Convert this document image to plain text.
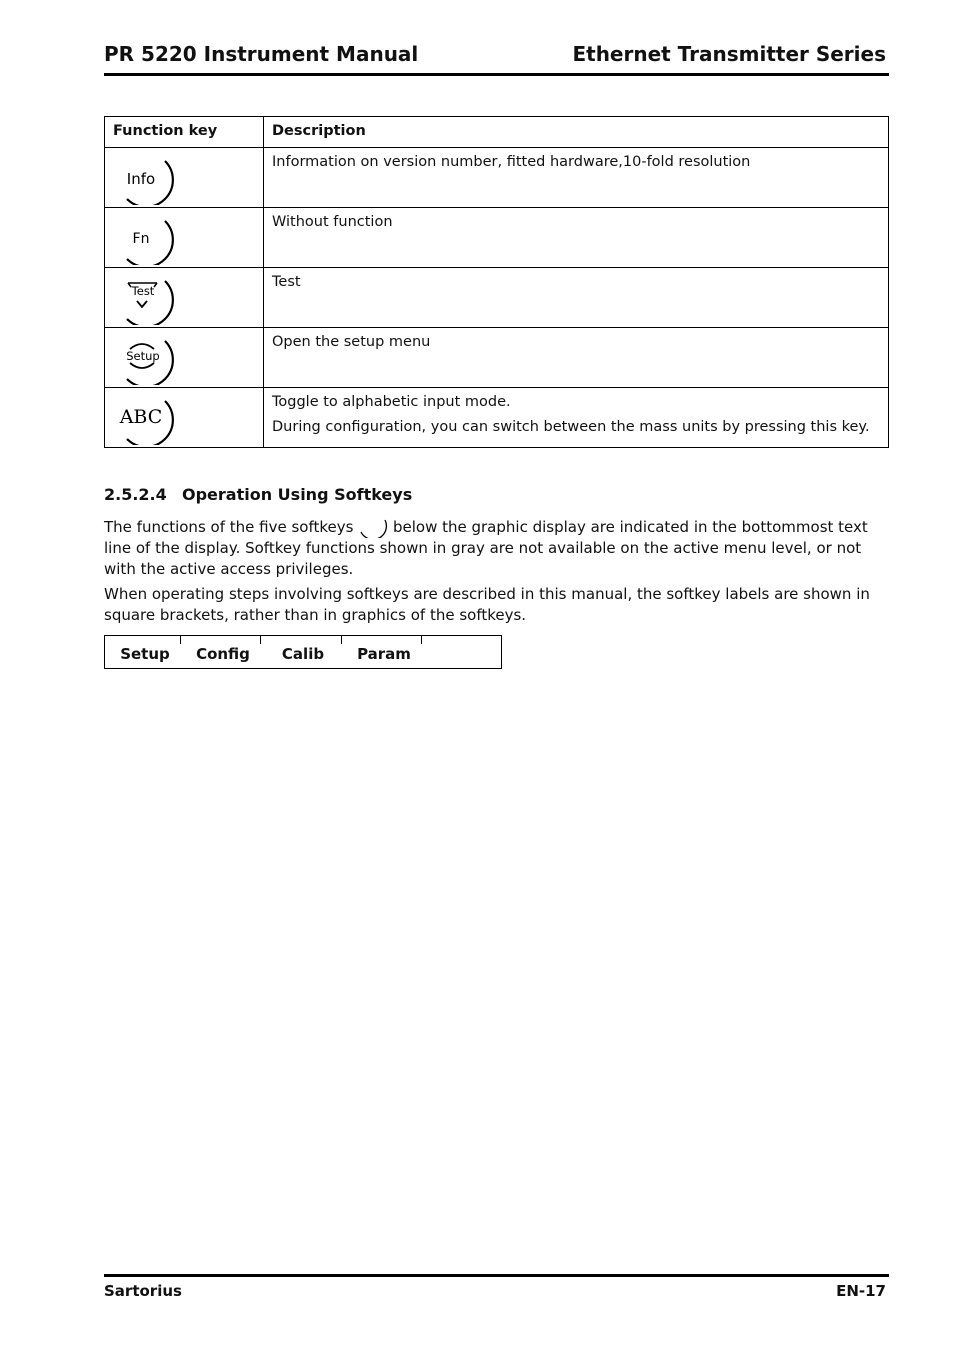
PR 5220 Instrument Manual	Ethernet Transmitter Series
Function key	Description

Info	Information on version number, fitted hardware,10-fold resolution

Fn	Without function

Test	Test

Setup	Open the setup menu

ABC	Toggle to alphabetic input mode.
During configuration, you can switch between the mass units by pressing this key.
2.5.2.4 Operation Using Softkeys
The functions of the five softkeys  below the graphic display are indicated in the bottommost text line of the display. Softkey functions shown in gray are not available on the active menu level, or not with the active access privileges.
When operating steps involving softkeys are described in this manual, the softkey labels are shown in square brackets, rather than in graphics of the softkeys.
Setup	Config	Calib	Param
Sartorius	EN-17
